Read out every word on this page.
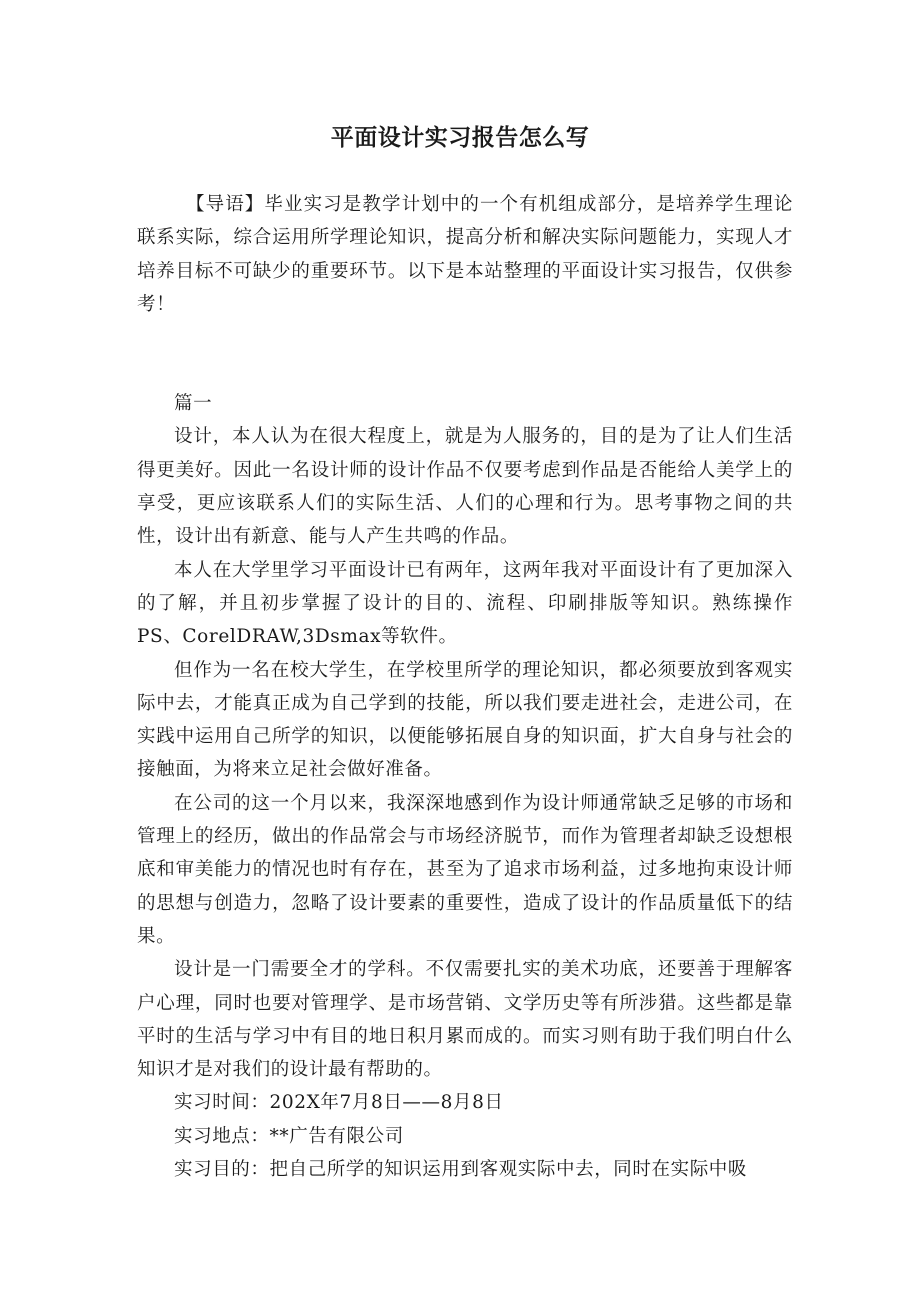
平面设计实习报告怎么写

【导语】毕业实习是教学计划中的一个有机组成部分，是培养学生理论联系实际，综合运用所学理论知识，提高分析和解决实际问题能力，实现人才培养目标不可缺少的重要环节。以下是本站整理的平面设计实习报告，仅供参考！

篇一

设计，本人认为在很大程度上，就是为人服务的，目的是为了让人们生活得更美好。因此一名设计师的设计作品不仅要考虑到作品是否能给人美学上的享受，更应该联系人们的实际生活、人们的心理和行为。思考事物之间的共性，设计出有新意、能与人产生共鸣的作品。

本人在大学里学习平面设计已有两年，这两年我对平面设计有了更加深入的了解，并且初步掌握了设计的目的、流程、印刷排版等知识。熟练操作PS、CorelDRAW,3Dsmax等软件。

但作为一名在校大学生，在学校里所学的理论知识，都必须要放到客观实际中去，才能真正成为自己学到的技能，所以我们要走进社会，走进公司，在实践中运用自己所学的知识，以便能够拓展自身的知识面，扩大自身与社会的接触面，为将来立足社会做好准备。

在公司的这一个月以来，我深深地感到作为设计师通常缺乏足够的市场和管理上的经历，做出的作品常会与市场经济脱节，而作为管理者却缺乏设想根底和审美能力的情况也时有存在，甚至为了追求市场利益，过多地拘束设计师的思想与创造力，忽略了设计要素的重要性，造成了设计的作品质量低下的结果。

设计是一门需要全才的学科。不仅需要扎实的美术功底，还要善于理解客户心理，同时也要对管理学、是市场营销、文学历史等有所涉猎。这些都是靠平时的生活与学习中有目的地日积月累而成的。而实习则有助于我们明白什么知识才是对我们的设计最有帮助的。

实习时间：202X年7月8日——8月8日

实习地点：**广告有限公司

实习目的：把自己所学的知识运用到客观实际中去，同时在实际中吸
